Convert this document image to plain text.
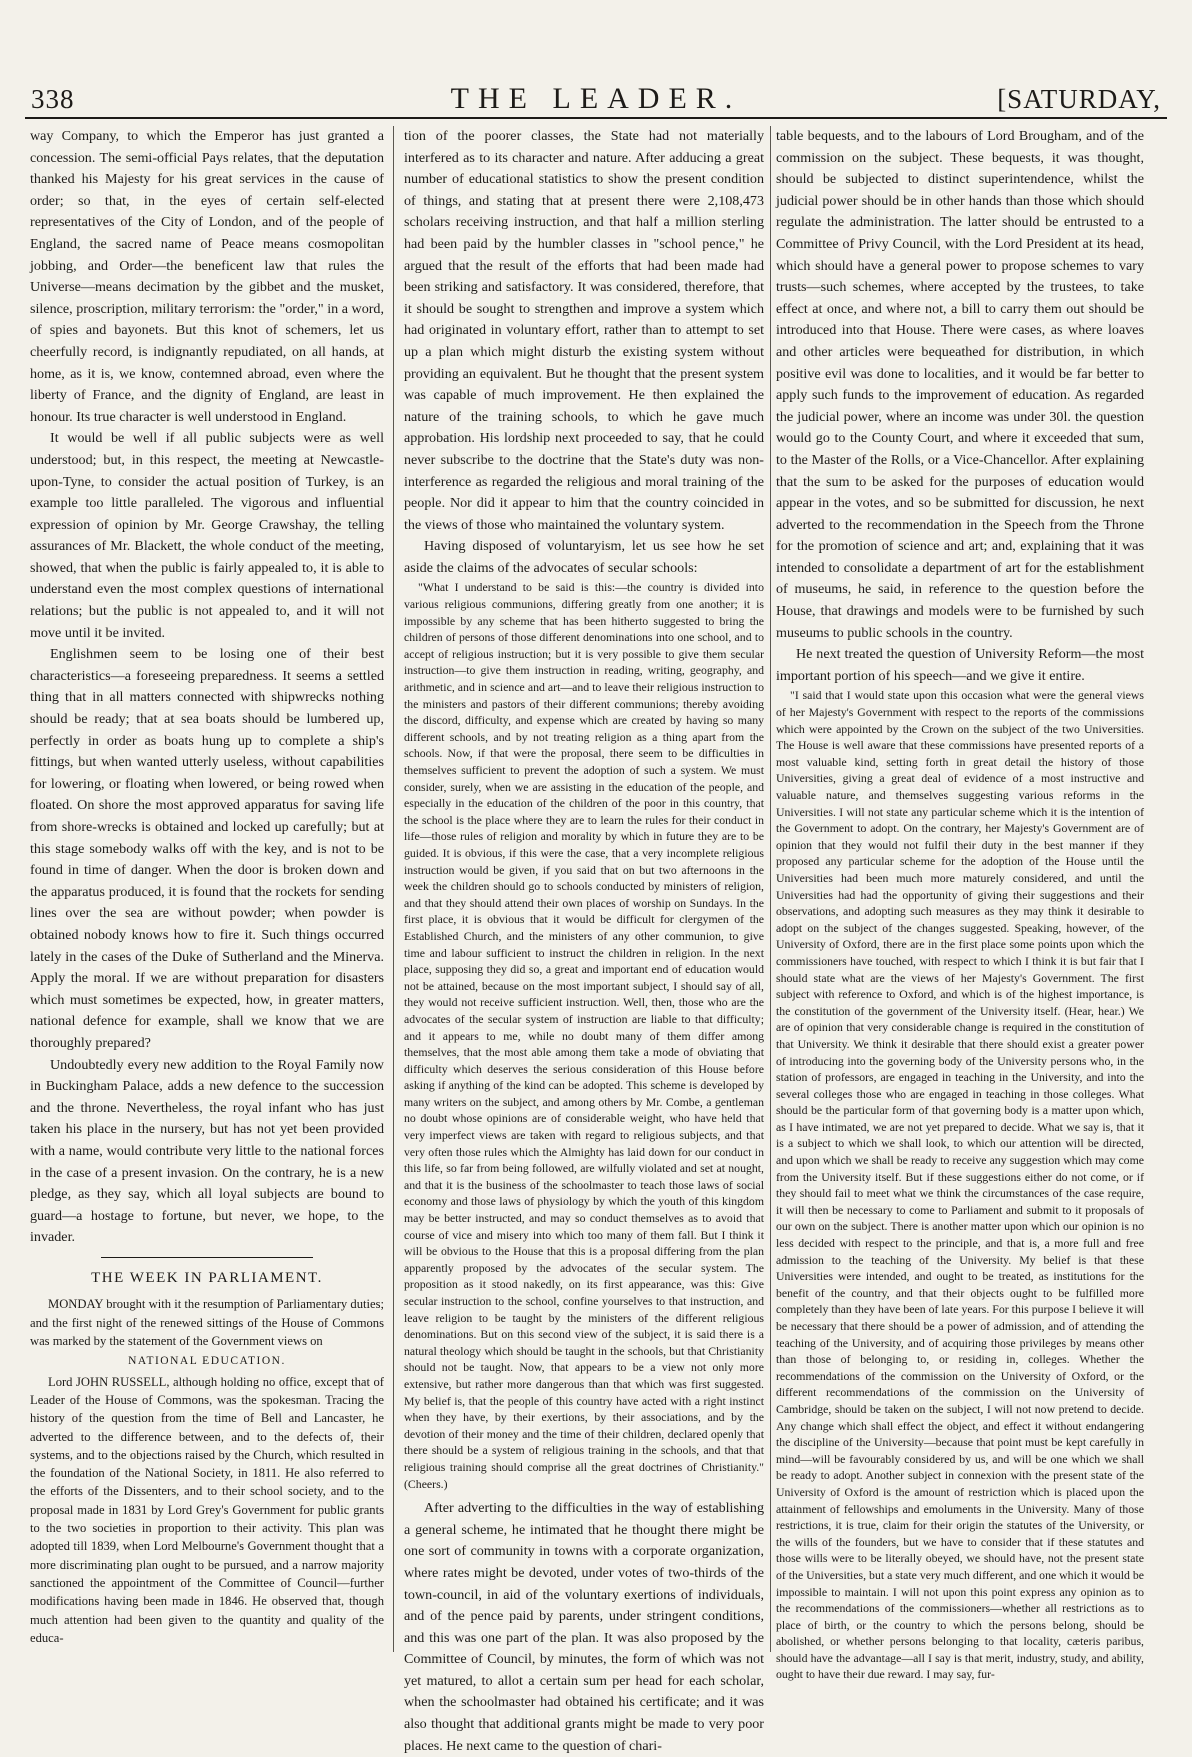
338	THE LEADER.	[SATURDAY,

way Company, to which the Emperor has just granted a concession. The semi-official Pays relates, that the deputation thanked his Majesty for his great services in the cause of order; so that, in the eyes of certain self-elected representatives of the City of London, and of the people of England, the sacred name of Peace means cosmopolitan jobbing, and Order—the beneficent law that rules the Universe—means decimation by the gibbet and the musket, silence, proscription, military terrorism: the "order," in a word, of spies and bayonets. But this knot of schemers, let us cheerfully record, is indignantly repudiated, on all hands, at home, as it is, we know, contemned abroad, even where the liberty of France, and the dignity of England, are least in honour. Its true character is well understood in England.

It would be well if all public subjects were as well understood; but, in this respect, the meeting at Newcastle-upon-Tyne, to consider the actual position of Turkey, is an example too little paralleled. The vigorous and influential expression of opinion by Mr. George Crawshay, the telling assurances of Mr. Blackett, the whole conduct of the meeting, showed, that when the public is fairly appealed to, it is able to understand even the most complex questions of international relations; but the public is not appealed to, and it will not move until it be invited.

Englishmen seem to be losing one of their best characteristics—a foreseeing preparedness. It seems a settled thing that in all matters connected with shipwrecks nothing should be ready; that at sea boats should be lumbered up, perfectly in order as boats hung up to complete a ship's fittings, but when wanted utterly useless, without capabilities for lowering, or floating when lowered, or being rowed when floated. On shore the most approved apparatus for saving life from shore-wrecks is obtained and locked up carefully; but at this stage somebody walks off with the key, and is not to be found in time of danger. When the door is broken down and the apparatus produced, it is found that the rockets for sending lines over the sea are without powder; when powder is obtained nobody knows how to fire it. Such things occurred lately in the cases of the Duke of Sutherland and the Minerva. Apply the moral. If we are without preparation for disasters which must sometimes be expected, how, in greater matters, national defence for example, shall we know that we are thoroughly prepared?

Undoubtedly every new addition to the Royal Family now in Buckingham Palace, adds a new defence to the succession and the throne. Nevertheless, the royal infant who has just taken his place in the nursery, but has not yet been provided with a name, would contribute very little to the national forces in the case of a present invasion. On the contrary, he is a new pledge, as they say, which all loyal subjects are bound to guard—a hostage to fortune, but never, we hope, to the invader.

THE WEEK IN PARLIAMENT.

MONDAY brought with it the resumption of Parliamentary duties; and the first night of the renewed sittings of the House of Commons was marked by the statement of the Government views on

NATIONAL EDUCATION.

Lord JOHN RUSSELL, although holding no office, except that of Leader of the House of Commons, was the spokesman. Tracing the history of the question from the time of Bell and Lancaster, he adverted to the difference between, and to the defects of, their systems, and to the objections raised by the Church, which resulted in the foundation of the National Society, in 1811. He also referred to the efforts of the Dissenters, and to their school society, and to the proposal made in 1831 by Lord Grey's Government for public grants to the two societies in proportion to their activity. This plan was adopted till 1839, when Lord Melbourne's Government thought that a more discriminating plan ought to be pursued, and a narrow majority sanctioned the appointment of the Committee of Council—further modifications having been made in 1846. He observed that, though much attention had been given to the quantity and quality of the educa-

tion of the poorer classes, the State had not materially interfered as to its character and nature. After adducing a great number of educational statistics to show the present condition of things, and stating that at present there were 2,108,473 scholars receiving instruction, and that half a million sterling had been paid by the humbler classes in "school pence," he argued that the result of the efforts that had been made had been striking and satisfactory. It was considered, therefore, that it should be sought to strengthen and improve a system which had originated in voluntary effort, rather than to attempt to set up a plan which might disturb the existing system without providing an equivalent. But he thought that the present system was capable of much improvement. He then explained the nature of the training schools, to which he gave much approbation. His lordship next proceeded to say, that he could never subscribe to the doctrine that the State's duty was non-interference as regarded the religious and moral training of the people. Nor did it appear to him that the country coincided in the views of those who maintained the voluntary system.

Having disposed of voluntaryism, let us see how he set aside the claims of the advocates of secular schools:

"What I understand to be said is this:—the country is divided into various religious communions, differing greatly from one another; it is impossible by any scheme that has been hitherto suggested to bring the children of persons of those different denominations into one school, and to accept of religious instruction; but it is very possible to give them secular instruction—to give them instruction in reading, writing, geography, and arithmetic, and in science and art—and to leave their religious instruction to the ministers and pastors of their different communions; thereby avoiding the discord, difficulty, and expense which are created by having so many different schools, and by not treating religion as a thing apart from the schools. Now, if that were the proposal, there seem to be difficulties in themselves sufficient to prevent the adoption of such a system. We must consider, surely, when we are assisting in the education of the people, and especially in the education of the children of the poor in this country, that the school is the place where they are to learn the rules for their conduct in life—those rules of religion and morality by which in future they are to be guided. It is obvious, if this were the case, that a very incomplete religious instruction would be given, if you said that on but two afternoons in the week the children should go to schools conducted by ministers of religion, and that they should attend their own places of worship on Sundays. In the first place, it is obvious that it would be difficult for clergymen of the Established Church, and the ministers of any other communion, to give time and labour sufficient to instruct the children in religion. In the next place, supposing they did so, a great and important end of education would not be attained, because on the most important subject, I should say of all, they would not receive sufficient instruction. Well, then, those who are the advocates of the secular system of instruction are liable to that difficulty; and it appears to me, while no doubt many of them differ among themselves, that the most able among them take a mode of obviating that difficulty which deserves the serious consideration of this House before asking if anything of the kind can be adopted. This scheme is developed by many writers on the subject, and among others by Mr. Combe, a gentleman no doubt whose opinions are of considerable weight, who have held that very imperfect views are taken with regard to religious subjects, and that very often those rules which the Almighty has laid down for our conduct in this life, so far from being followed, are wilfully violated and set at nought, and that it is the business of the schoolmaster to teach those laws of social economy and those laws of physiology by which the youth of this kingdom may be better instructed, and may so conduct themselves as to avoid that course of vice and misery into which too many of them fall. But I think it will be obvious to the House that this is a proposal differing from the plan apparently proposed by the advocates of the secular system. The proposition as it stood nakedly, on its first appearance, was this: Give secular instruction to the school, confine yourselves to that instruction, and leave religion to be taught by the ministers of the different religious denominations. But on this second view of the subject, it is said there is a natural theology which should be taught in the schools, but that Christianity should not be taught. Now, that appears to be a view not only more extensive, but rather more dangerous than that which was first suggested. My belief is, that the people of this country have acted with a right instinct when they have, by their exertions, by their associations, and by the devotion of their money and the time of their children, declared openly that there should be a system of religious training in the schools, and that that religious training should comprise all the great doctrines of Christianity." (Cheers.)

After adverting to the difficulties in the way of establishing a general scheme, he intimated that he thought there might be one sort of community in towns with a corporate organization, where rates might be devoted, under votes of two-thirds of the town-council, in aid of the voluntary exertions of individuals, and of the pence paid by parents, under stringent conditions, and this was one part of the plan. It was also proposed by the Committee of Council, by minutes, the form of which was not yet matured, to allot a certain sum per head for each scholar, when the schoolmaster had obtained his certificate; and it was also thought that additional grants might be made to very poor places. He next came to the question of chari-

table bequests, and to the labours of Lord Brougham, and of the commission on the subject. These bequests, it was thought, should be subjected to distinct superintendence, whilst the judicial power should be in other hands than those which should regulate the administration. The latter should be entrusted to a Committee of Privy Council, with the Lord President at its head, which should have a general power to propose schemes to vary trusts—such schemes, where accepted by the trustees, to take effect at once, and where not, a bill to carry them out should be introduced into that House. There were cases, as where loaves and other articles were bequeathed for distribution, in which positive evil was done to localities, and it would be far better to apply such funds to the improvement of education. As regarded the judicial power, where an income was under 30l. the question would go to the County Court, and where it exceeded that sum, to the Master of the Rolls, or a Vice-Chancellor. After explaining that the sum to be asked for the purposes of education would appear in the votes, and so be submitted for discussion, he next adverted to the recommendation in the Speech from the Throne for the promotion of science and art; and, explaining that it was intended to consolidate a department of art for the establishment of museums, he said, in reference to the question before the House, that drawings and models were to be furnished by such museums to public schools in the country.

He next treated the question of University Reform—the most important portion of his speech—and we give it entire.

"I said that I would state upon this occasion what were the general views of her Majesty's Government with respect to the reports of the commissions which were appointed by the Crown on the subject of the two Universities. The House is well aware that these commissions have presented reports of a most valuable kind, setting forth in great detail the history of those Universities, giving a great deal of evidence of a most instructive and valuable nature, and themselves suggesting various reforms in the Universities. I will not state any particular scheme which it is the intention of the Government to adopt. On the contrary, her Majesty's Government are of opinion that they would not fulfil their duty in the best manner if they proposed any particular scheme for the adoption of the House until the Universities had been much more maturely considered, and until the Universities had had the opportunity of giving their suggestions and their observations, and adopting such measures as they may think it desirable to adopt on the subject of the changes suggested. Speaking, however, of the University of Oxford, there are in the first place some points upon which the commissioners have touched, with respect to which I think it is but fair that I should state what are the views of her Majesty's Government. The first subject with reference to Oxford, and which is of the highest importance, is the constitution of the government of the University itself. (Hear, hear.) We are of opinion that very considerable change is required in the constitution of that University. We think it desirable that there should exist a greater power of introducing into the governing body of the University persons who, in the station of professors, are engaged in teaching in the University, and into the several colleges those who are engaged in teaching in those colleges. What should be the particular form of that governing body is a matter upon which, as I have intimated, we are not yet prepared to decide. What we say is, that it is a subject to which we shall look, to which our attention will be directed, and upon which we shall be ready to receive any suggestion which may come from the University itself. But if these suggestions either do not come, or if they should fail to meet what we think the circumstances of the case require, it will then be necessary to come to Parliament and submit to it proposals of our own on the subject. There is another matter upon which our opinion is no less decided with respect to the principle, and that is, a more full and free admission to the teaching of the University. My belief is that these Universities were intended, and ought to be treated, as institutions for the benefit of the country, and that their objects ought to be fulfilled more completely than they have been of late years. For this purpose I believe it will be necessary that there should be a power of admission, and of attending the teaching of the University, and of acquiring those privileges by means other than those of belonging to, or residing in, colleges. Whether the recommendations of the commission on the University of Oxford, or the different recommendations of the commission on the University of Cambridge, should be taken on the subject, I will not now pretend to decide. Any change which shall effect the object, and effect it without endangering the discipline of the University—because that point must be kept carefully in mind—will be favourably considered by us, and will be one which we shall be ready to adopt. Another subject in connexion with the present state of the University of Oxford is the amount of restriction which is placed upon the attainment of fellowships and emoluments in the University. Many of those restrictions, it is true, claim for their origin the statutes of the University, or the wills of the founders, but we have to consider that if these statutes and those wills were to be literally obeyed, we should have, not the present state of the Universities, but a state very much different, and one which it would be impossible to maintain. I will not upon this point express any opinion as to the recommendations of the commissioners—whether all restrictions as to place of birth, or the country to which the persons belong, should be abolished, or whether persons belonging to that locality, cæteris paribus, should have the advantage—all I say is that merit, industry, study, and ability, ought to have their due reward. I may say, fur-
